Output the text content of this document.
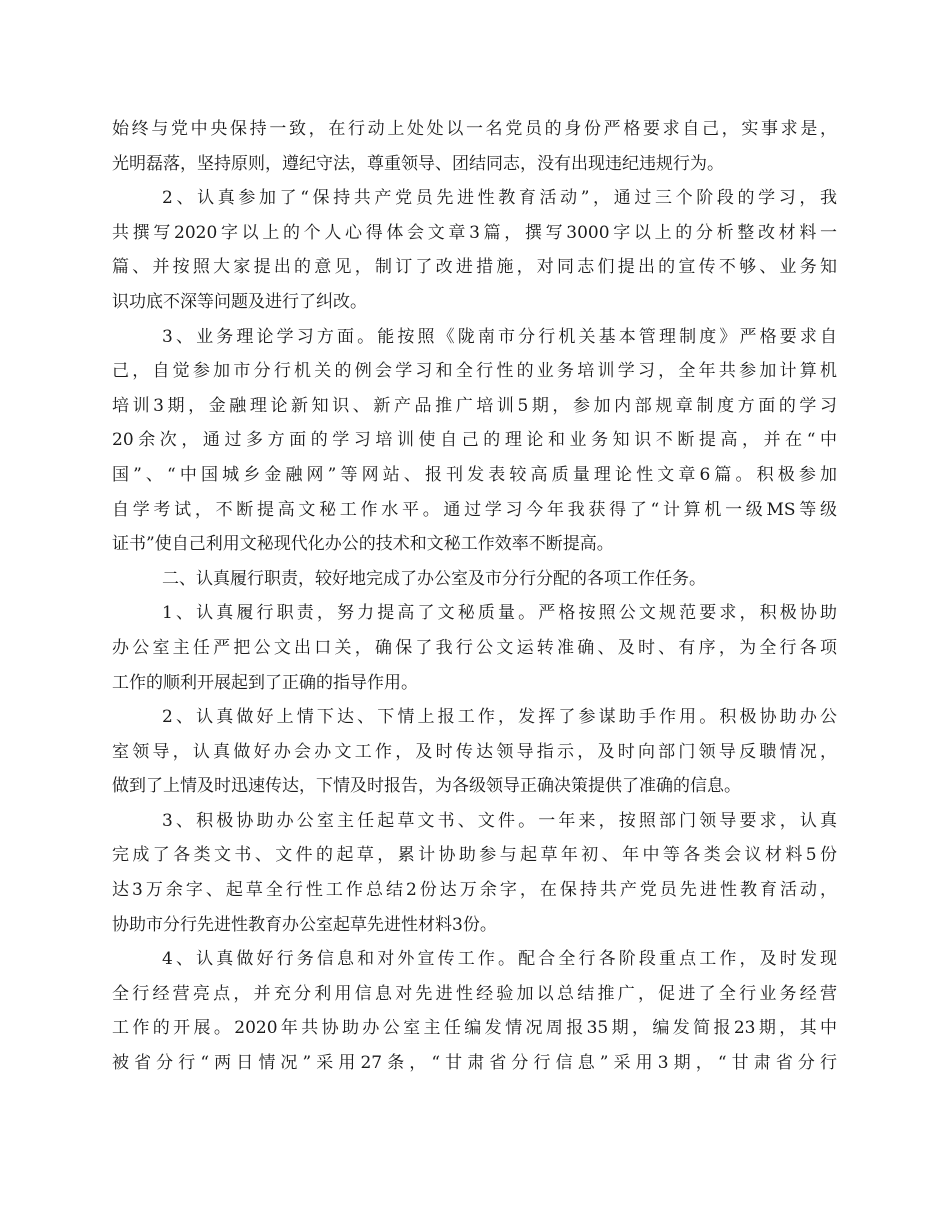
始终与党中央保持一致，在行动上处处以一名党员的身份严格要求自己，实事求是，
光明磊落，坚持原则，遵纪守法，尊重领导、团结同志，没有出现违纪违规行为。
2、认真参加了“保持共产党员先进性教育活动”，通过三个阶段的学习，我
共撰写2020字以上的个人心得体会文章3篇，撰写3000字以上的分析整改材料一
篇、并按照大家提出的意见，制订了改进措施，对同志们提出的宣传不够、业务知
识功底不深等问题及进行了纠改。
3、业务理论学习方面。能按照《陇南市分行机关基本管理制度》严格要求自
己，自觉参加市分行机关的例会学习和全行性的业务培训学习，全年共参加计算机
培训3期，金融理论新知识、新产品推广培训5期，参加内部规章制度方面的学习
20余次，通过多方面的学习培训使自己的理论和业务知识不断提高，并在“中
国”、“中国城乡金融网”等网站、报刊发表较高质量理论性文章6篇。积极参加
自学考试，不断提高文秘工作水平。通过学习今年我获得了“计算机一级MS等级
证书”使自己利用文秘现代化办公的技术和文秘工作效率不断提高。
二、认真履行职责，较好地完成了办公室及市分行分配的各项工作任务。
1、认真履行职责，努力提高了文秘质量。严格按照公文规范要求，积极协助
办公室主任严把公文出口关，确保了我行公文运转准确、及时、有序，为全行各项
工作的顺利开展起到了正确的指导作用。
2、认真做好上情下达、下情上报工作，发挥了参谋助手作用。积极协助办公
室领导，认真做好办会办文工作，及时传达领导指示，及时向部门领导反聩情况，
做到了上情及时迅速传达，下情及时报告，为各级领导正确决策提供了准确的信息。
3、积极协助办公室主任起草文书、文件。一年来，按照部门领导要求，认真
完成了各类文书、文件的起草，累计协助参与起草年初、年中等各类会议材料5份
达3万余字、起草全行性工作总结2份达万余字，在保持共产党员先进性教育活动，
协助市分行先进性教育办公室起草先进性材料3份。
4、认真做好行务信息和对外宣传工作。配合全行各阶段重点工作，及时发现
全行经营亮点，并充分利用信息对先进性经验加以总结推广，促进了全行业务经营
工作的开展。2020年共协助办公室主任编发情况周报35期，编发简报23期，其中
被省分行“两日情况”采用27条，“甘肃省分行信息”采用3期，“甘肃省分行
